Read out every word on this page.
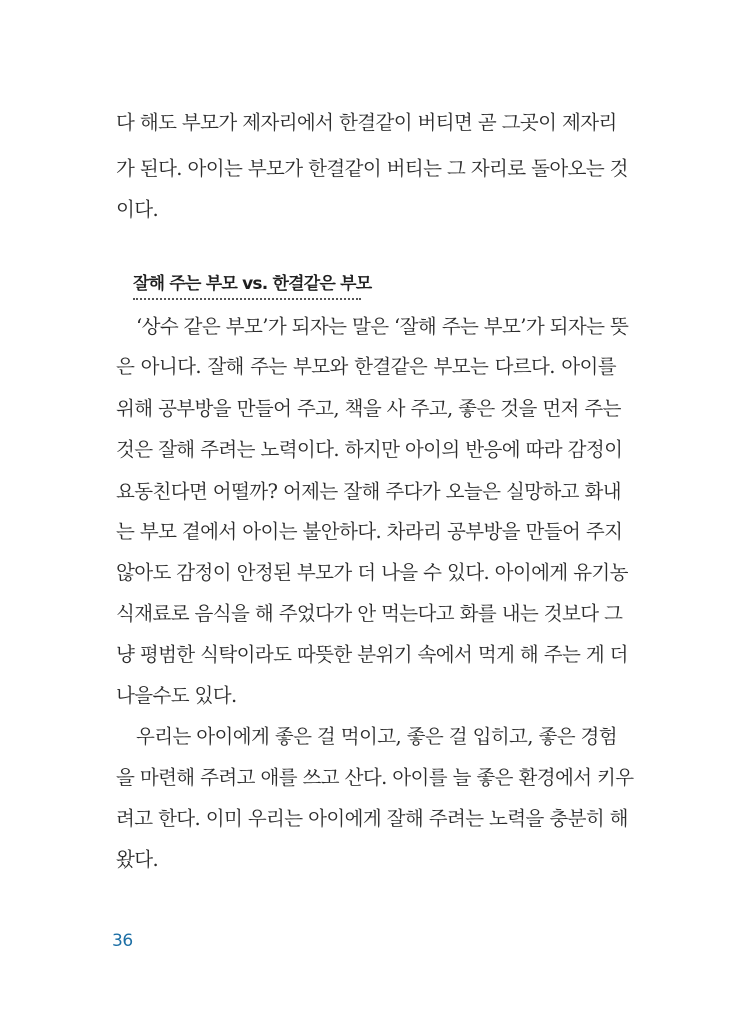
다 해도 부모가 제자리에서 한결같이 버티면 곧 그곳이 제자리
가 된다. 아이는 부모가 한결같이 버티는 그 자리로 돌아오는 것
이다.
잘해 주는 부모 vs. 한결같은 부모
‘상수 같은 부모’가 되자는 말은 ‘잘해 주는 부모’가 되자는 뜻
은 아니다. 잘해 주는 부모와 한결같은 부모는 다르다. 아이를
위해 공부방을 만들어 주고, 책을 사 주고, 좋은 것을 먼저 주는
것은 잘해 주려는 노력이다. 하지만 아이의 반응에 따라 감정이
요동친다면 어떨까? 어제는 잘해 주다가 오늘은 실망하고 화내
는 부모 곁에서 아이는 불안하다. 차라리 공부방을 만들어 주지
않아도 감정이 안정된 부모가 더 나을 수 있다. 아이에게 유기농
식재료로 음식을 해 주었다가 안 먹는다고 화를 내는 것보다 그
냥 평범한 식탁이라도 따뜻한 분위기 속에서 먹게 해 주는 게 더
나을수도 있다.
우리는 아이에게 좋은 걸 먹이고, 좋은 걸 입히고, 좋은 경험
을 마련해 주려고 애를 쓰고 산다. 아이를 늘 좋은 환경에서 키우
려고 한다. 이미 우리는 아이에게 잘해 주려는 노력을 충분히 해
왔다.
36
